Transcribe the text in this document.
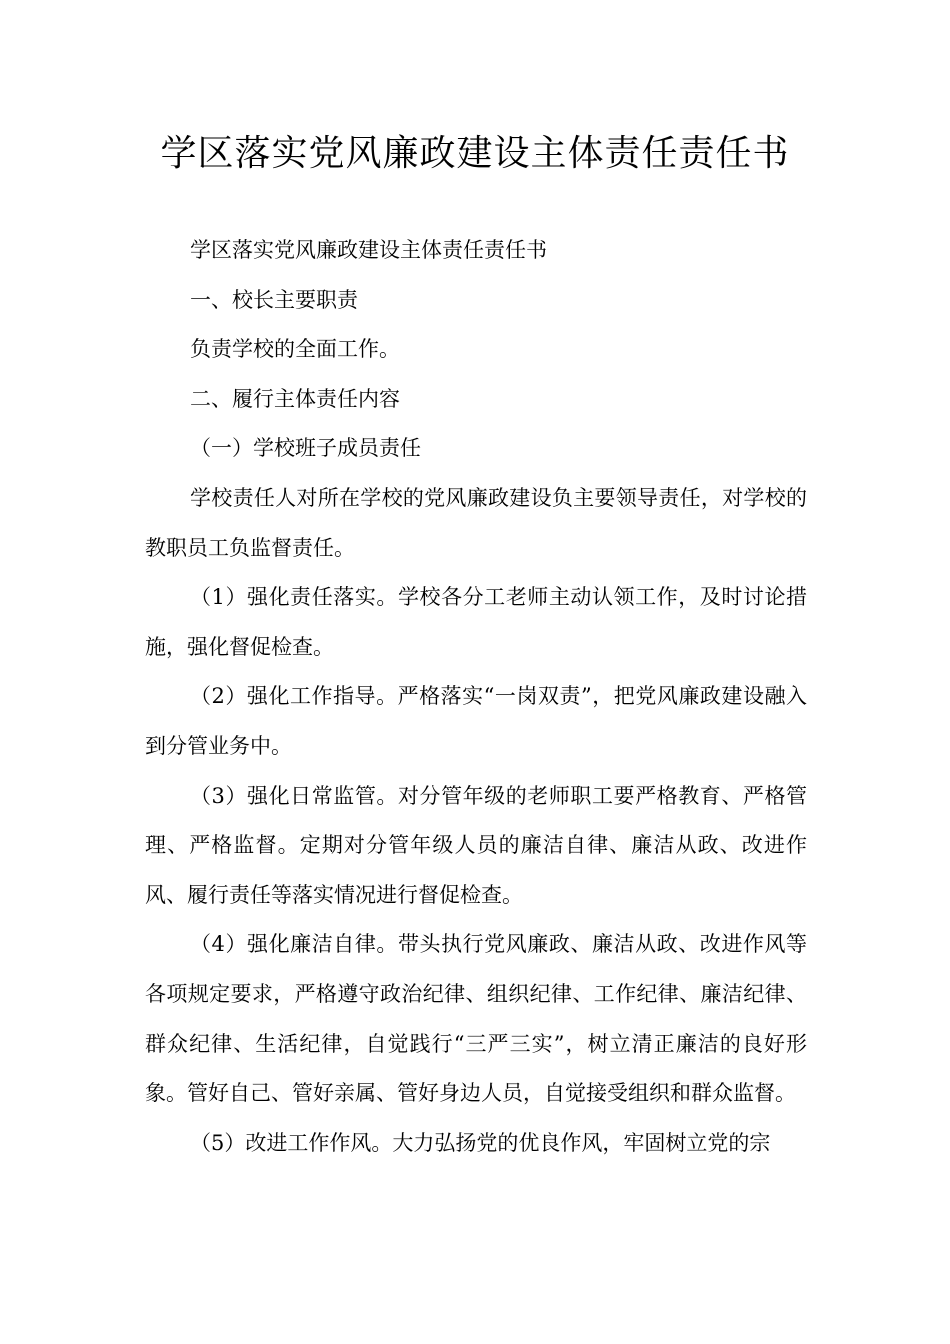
学区落实党风廉政建设主体责任责任书

学区落实党风廉政建设主体责任责任书

一、校长主要职责

负责学校的全面工作。

二、履行主体责任内容

（一）学校班子成员责任

学校责任人对所在学校的党风廉政建设负主要领导责任，对学校的教职员工负监督责任。

（1）强化责任落实。学校各分工老师主动认领工作，及时讨论措施，强化督促检查。

（2）强化工作指导。严格落实“一岗双责”，把党风廉政建设融入到分管业务中。

（3）强化日常监管。对分管年级的老师职工要严格教育、严格管理、严格监督。定期对分管年级人员的廉洁自律、廉洁从政、改进作风、履行责任等落实情况进行督促检查。

（4）强化廉洁自律。带头执行党风廉政、廉洁从政、改进作风等各项规定要求，严格遵守政治纪律、组织纪律、工作纪律、廉洁纪律、群众纪律、生活纪律，自觉践行“三严三实”，树立清正廉洁的良好形象。管好自己、管好亲属、管好身边人员，自觉接受组织和群众监督。

（5）改进工作作风。大力弘扬党的优良作风，牢固树立党的宗
